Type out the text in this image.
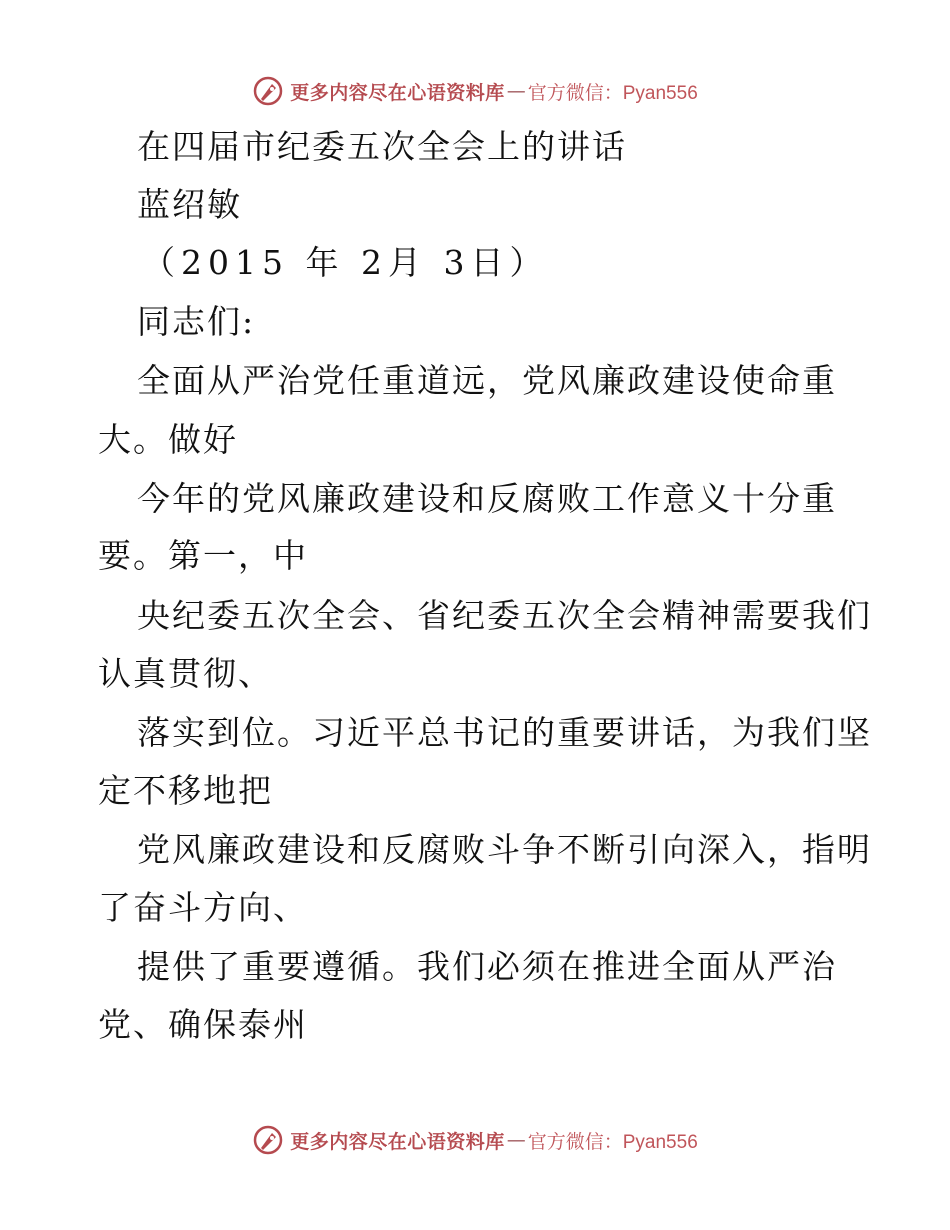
更多内容尽在心语资料库 — 官方微信：Pyan556
在四届市纪委五次全会上的讲话
蓝绍敏
（2015 年 2月 3日）
同志们:
全面从严治党任重道远，党风廉政建设使命重
大。做好
今年的党风廉政建设和反腐败工作意义十分重
要。第一，中
央纪委五次全会、省纪委五次全会精神需要我们
认真贯彻、
落实到位。习近平总书记的重要讲话，为我们坚
定不移地把
党风廉政建设和反腐败斗争不断引向深入，指明
了奋斗方向、
提供了重要遵循。我们必须在推进全面从严治
党、确保泰州
更多内容尽在心语资料库 — 官方微信：Pyan556
